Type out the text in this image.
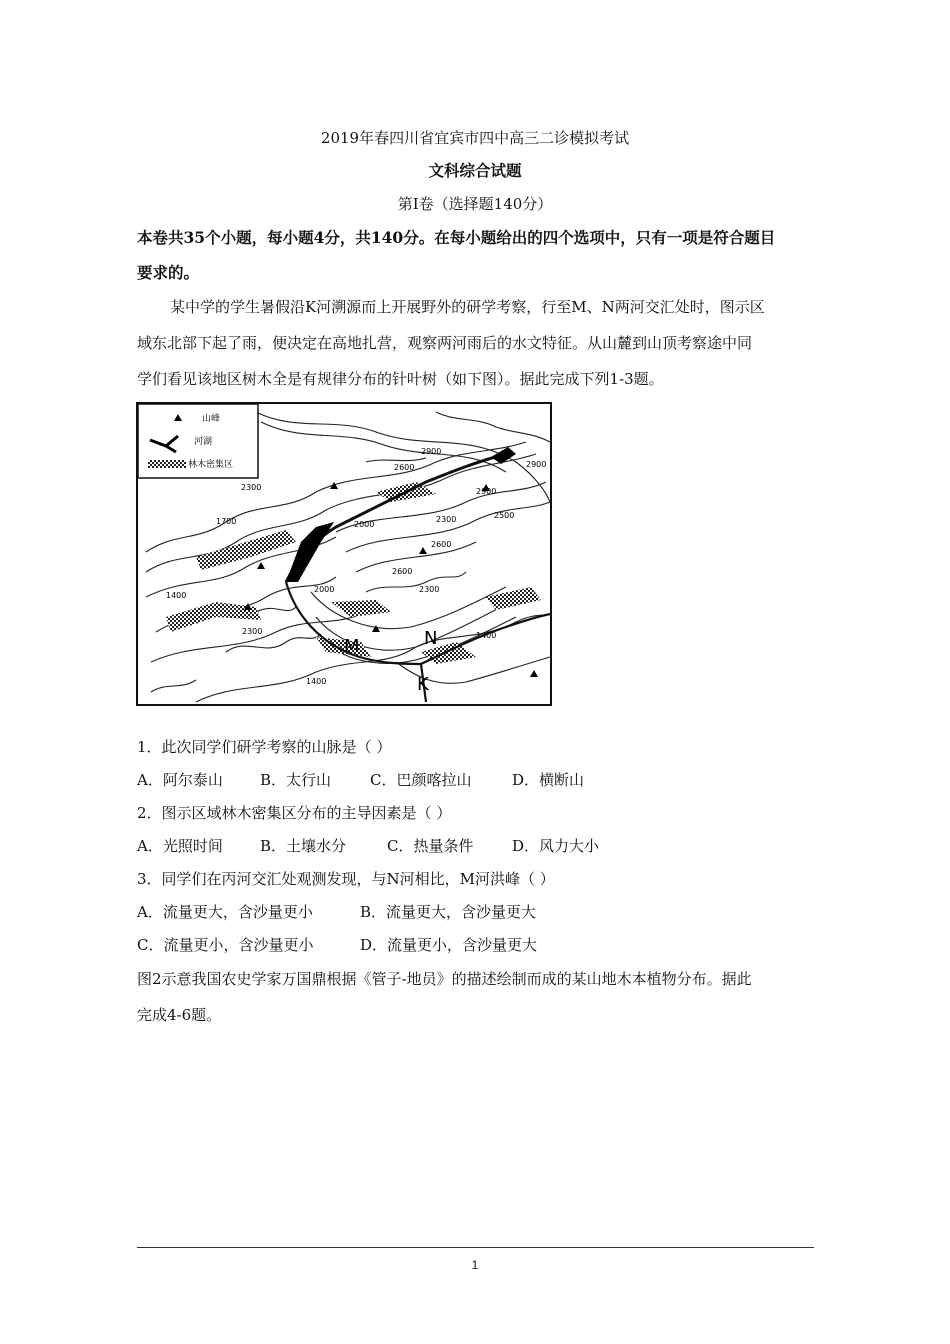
2019年春四川省宜宾市四中高三二诊模拟考试
文科综合试题
第Ⅰ卷（选择题140分）
本卷共35个小题，每小题4分，共140分。在每小题给出的四个选项中，只有一项是符合题目
要求的。
某中学的学生暑假沿K河溯源而上开展野外的研学考察，行至M、N两河交汇处时，图示区
域东北部下起了雨，便决定在高地扎营，观察两河雨后的水文特征。从山麓到山顶考察途中同
学们看见该地区树木全是有规律分布的针叶树（如下图）。据此完成下列1-3题。
山峰
河湖
林木密集区
2900
2600
2300
1700
1400
2000
2300
2600
2900
2600
2300
2000
2300
1400
2900
2500
1400
M	N
K
1．此次同学们研学考察的山脉是（ ）
A．阿尔泰山 B．太行山	C．巴颜喀拉山	D．横断山
2．图示区域林木密集区分布的主导因素是（ ）
A．光照时间 B．土壤水分	C．热量条件	D．风力大小
3．同学们在丙河交汇处观测发现，与N河相比，M河洪峰（ ）
A．流量更大，含沙量更小	B．流量更大，含沙量更大
C．流量更小，含沙量更小	D．流量更小，含沙量更大
图2示意我国农史学家万国鼎根据《管子-地员》的描述绘制而成的某山地木本植物分布。据此
完成4-6题。
1
